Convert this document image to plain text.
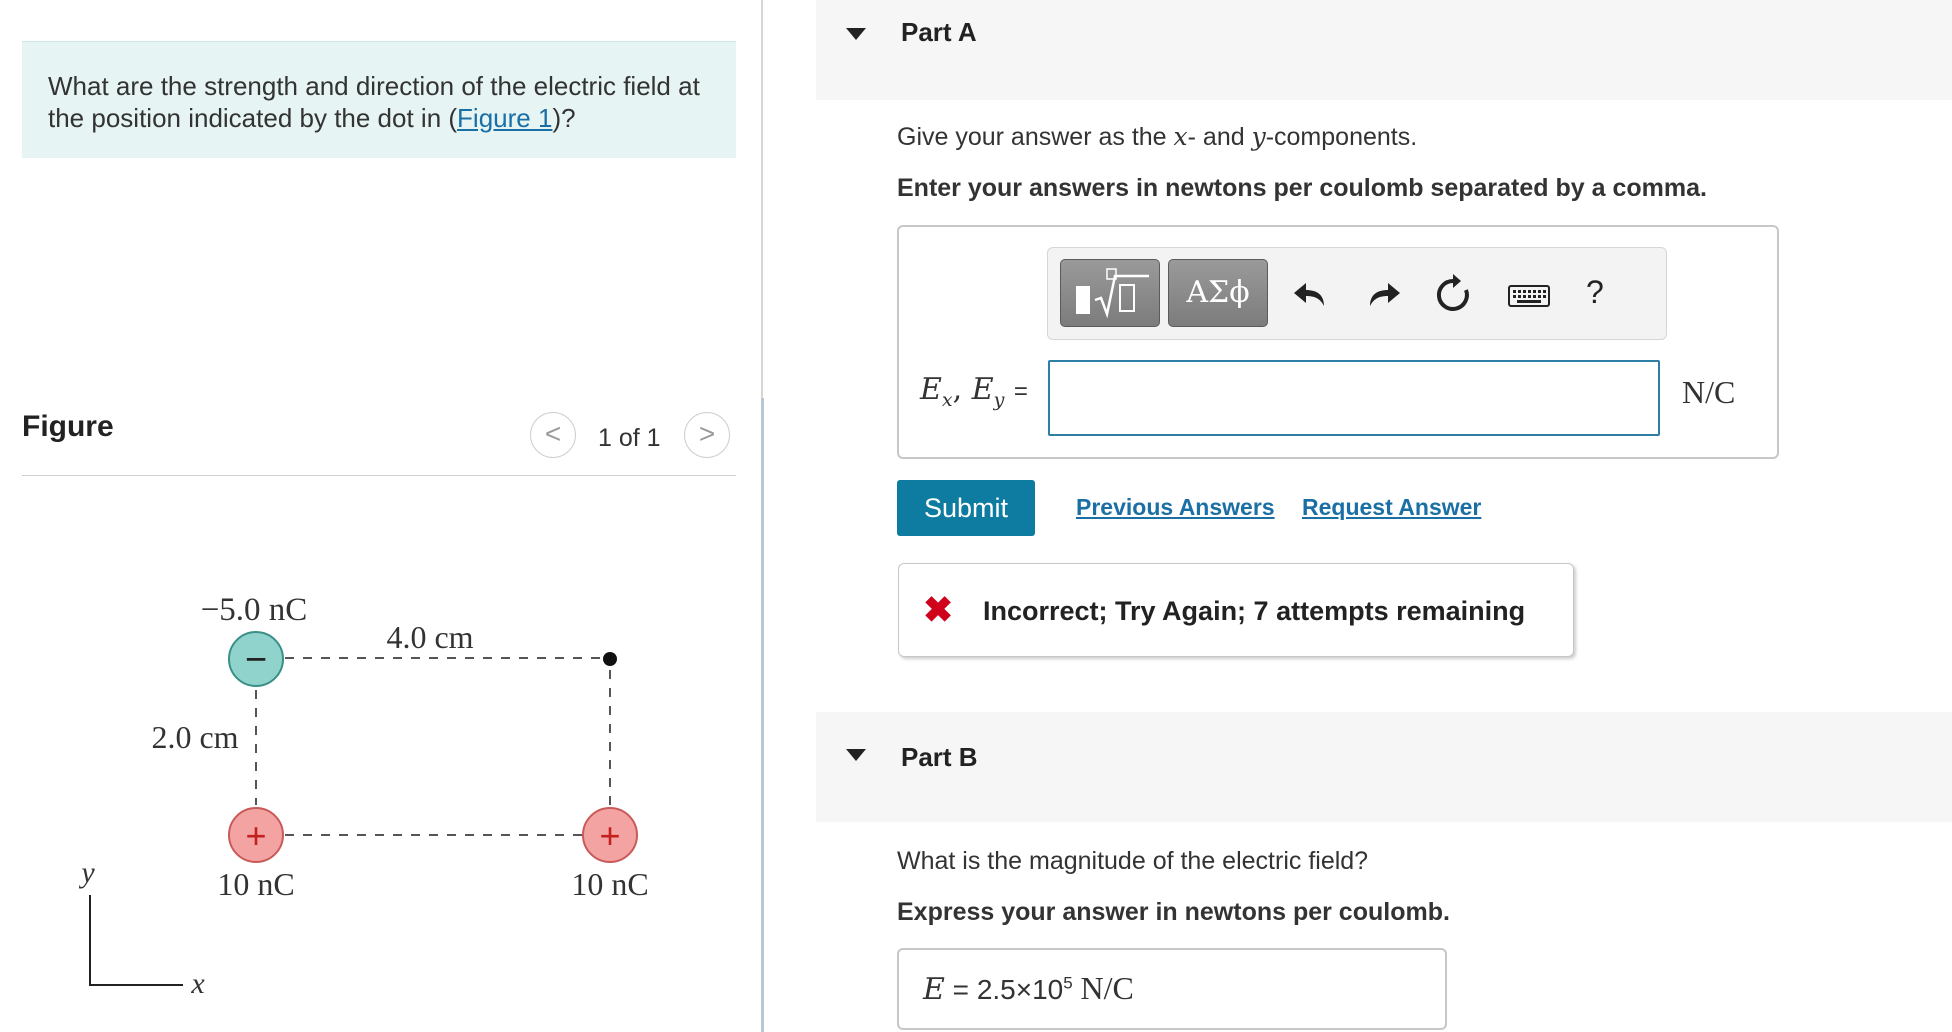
What are the strength and direction of the electric field at the position indicated by the dot in (Figure 1)?
Figure	<	1 of 1	>
−
+	+
−5.0 nC
4.0 cm
2.0 cm
10 nC	10 nC
y
x
Part A
Give your answer as the x- and y-components.
Enter your answers in newtons per coulomb separated by a comma.
ΑΣϕ	?
$E_x$, $E_y$ =	N/C
Submit	Previous Answers Request Answer
✖ Incorrect; Try Again; 7 attempts remaining
Part B
What is the magnitude of the electric field?
Express your answer in newtons per coulomb.
$E = 2.5\times 10^5$ N/C
